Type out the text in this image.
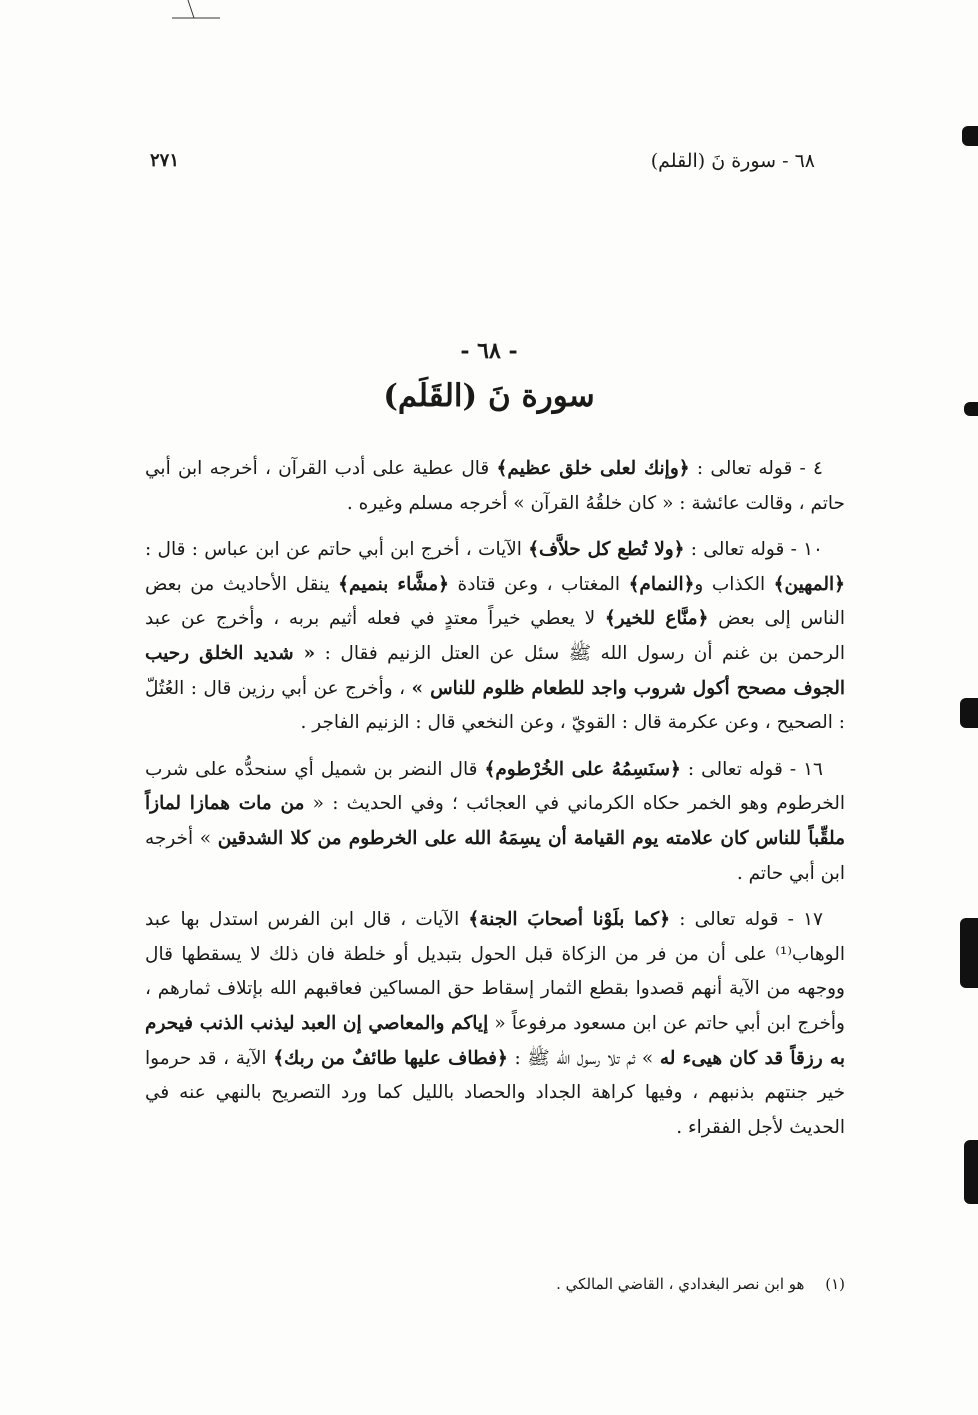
٦٨ - سورة نَ (القلم)
٢٧١
- ٦٨ -
سورة نَ (القَلَم)

٤ - قوله تعالى : ﴿وإنك لعلى خلق عظيم﴾ قال عطية على أدب القرآن ، أخرجه ابن أبي حاتم ، وقالت عائشة : « كان خلقُهُ القرآن » أخرجه مسلم وغيره .

١٠ - قوله تعالى : ﴿ولا تُطع كل حلاَّف﴾ الآيات ، أخرج ابن أبي حاتم عن ابن عباس : قال : ﴿المهين﴾ الكذاب و﴿النمام﴾ المغتاب ، وعن قتادة ﴿مشَّاء بنميم﴾ ينقل الأحاديث من بعض الناس إلى بعض ﴿منَّاع للخير﴾ لا يعطي خيراً معتدٍ في فعله أثيم بربه ، وأخرج عن عبد الرحمن بن غنم أن رسول الله ﷺ سئل عن العتل الزنيم فقال : « شديد الخلق رحيب الجوف مصحح أكول شروب واجد للطعام ظلوم للناس » ، وأخرج عن أبي رزين قال : العُتُلّ : الصحيح ، وعن عكرمة قال : القويّ ، وعن النخعي قال : الزنيم الفاجر .

١٦ - قوله تعالى : ﴿سنَسِمُهُ على الخُرْطوم﴾ قال النضر بن شميل أي سنحدُّه على شرب الخرطوم وهو الخمر حكاه الكرماني في العجائب ؛ وفي الحديث : « من مات همازا لمازاً ملقِّباً للناس كان علامته يوم القيامة أن يسِمَهُ الله على الخرطوم من كلا الشدقين » أخرجه ابن أبي حاتم .

١٧ - قوله تعالى : ﴿كما بلَوْنا أصحابَ الجنة﴾ الآيات ، قال ابن الفرس استدل بها عبد الوهاب⁽¹⁾ على أن من فر من الزكاة قبل الحول بتبديل أو خلطة فان ذلك لا يسقطها قال ووجهه من الآية أنهم قصدوا بقطع الثمار إسقاط حق المساكين فعاقبهم الله بإتلاف ثمارهم ، وأخرج ابن أبي حاتم عن ابن مسعود مرفوعاً « إياكم والمعاصي إن العبد ليذنب الذنب فيحرم به رزقاً قد كان هيىء له » ثم تلا رسول الله ﷺ : ﴿فطاف عليها طائفٌ من ربك﴾ الآية ، قد حرموا خير جنتهم بذنبهم ، وفيها كراهة الجداد والحصاد بالليل كما ورد التصريح بالنهي عنه في الحديث لأجل الفقراء .

(١) هو ابن نصر البغدادي ، القاضي المالكي .
